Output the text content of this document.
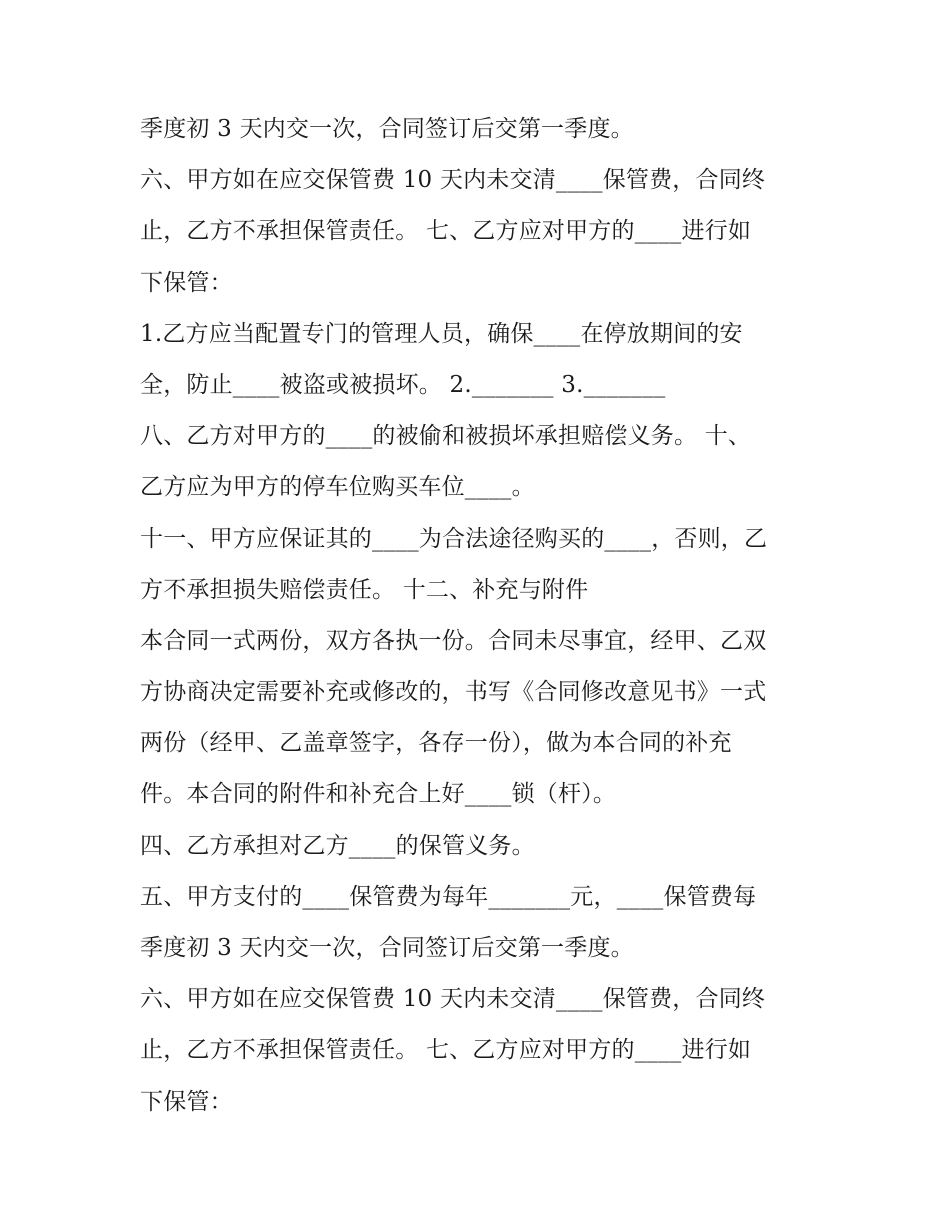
季度初 3 天内交一次，合同签订后交第一季度。
六、甲方如在应交保管费 10 天内未交清____保管费，合同终
止，乙方不承担保管责任。 七、乙方应对甲方的____进行如
下保管：
1.乙方应当配置专门的管理人员，确保____在停放期间的安
全，防止____被盗或被损坏。 2._______ 3._______
八、乙方对甲方的____的被偷和被损坏承担赔偿义务。 十、
乙方应为甲方的停车位购买车位____。
十一、甲方应保证其的____为合法途径购买的____，否则，乙
方不承担损失赔偿责任。 十二、补充与附件
本合同一式两份，双方各执一份。合同未尽事宜，经甲、乙双
方协商决定需要补充或修改的，书写《合同修改意见书》一式
两份（经甲、乙盖章签字，各存一份），做为本合同的补充
件。本合同的附件和补充合上好____锁（杆）。
四、乙方承担对乙方____的保管义务。
五、甲方支付的____保管费为每年_______元，____保管费每
季度初 3 天内交一次，合同签订后交第一季度。
六、甲方如在应交保管费 10 天内未交清____保管费，合同终
止，乙方不承担保管责任。 七、乙方应对甲方的____进行如
下保管：
